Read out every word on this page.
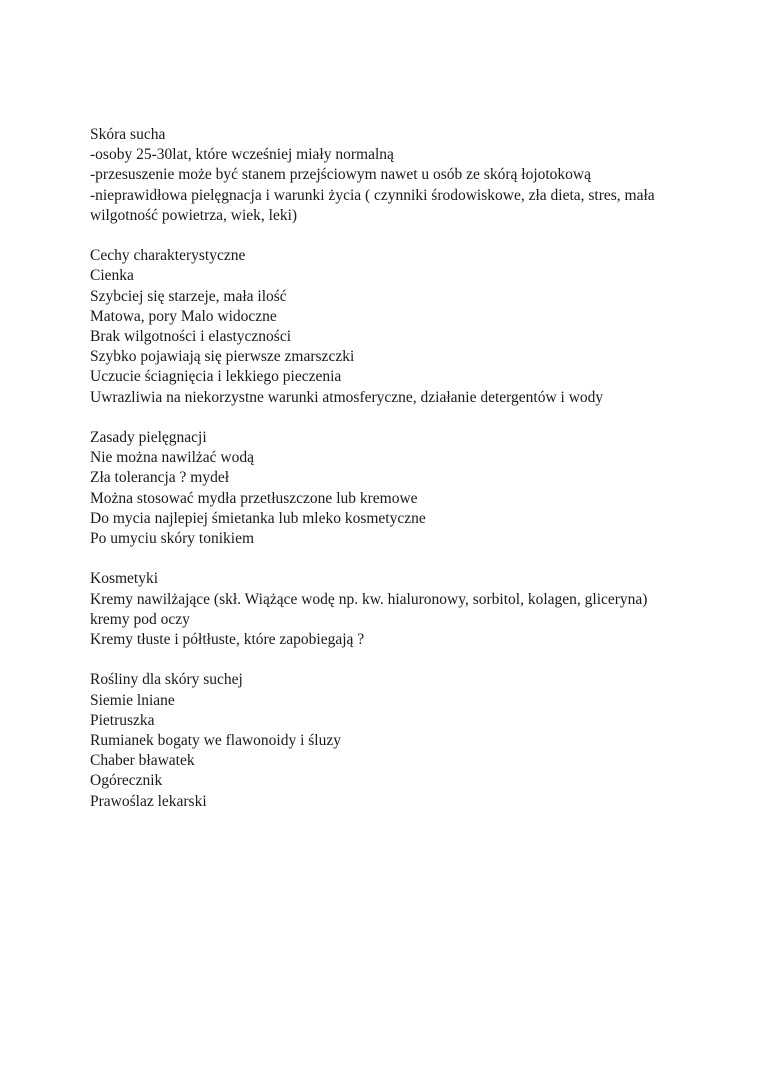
Skóra sucha
-osoby 25-30lat, które wcześniej miały normalną
-przesuszenie może być stanem przejściowym nawet u osób ze skórą łojotokową
-nieprawidłowa pielęgnacja i warunki życia ( czynniki środowiskowe, zła dieta, stres, mała wilgotność powietrza, wiek, leki)
Cechy charakterystyczne
Cienka
Szybciej się starzeje, mała ilość
Matowa, pory Malo widoczne
Brak wilgotności i elastyczności
Szybko pojawiają się pierwsze zmarszczki
Uczucie ściagnięcia i lekkiego pieczenia
Uwrazliwia na niekorzystne warunki atmosferyczne, działanie detergentów i wody
Zasady pielęgnacji
Nie można nawilżać wodą
Zła tolerancja ? mydeł
Można stosować mydła przetłuszczone lub kremowe
Do mycia najlepiej śmietanka lub mleko kosmetyczne
Po umyciu skóry tonikiem
Kosmetyki
Kremy nawilżające (skł. Wiążące wodę np. kw. hialuronowy, sorbitol, kolagen, gliceryna) kremy pod oczy
Kremy tłuste i półtłuste, które zapobiegają ?
Rośliny dla skóry suchej
Siemie lniane
Pietruszka
Rumianek bogaty we flawonoidy i śluzy
Chaber bławatek
Ogórecznik
Prawoślaz lekarski
